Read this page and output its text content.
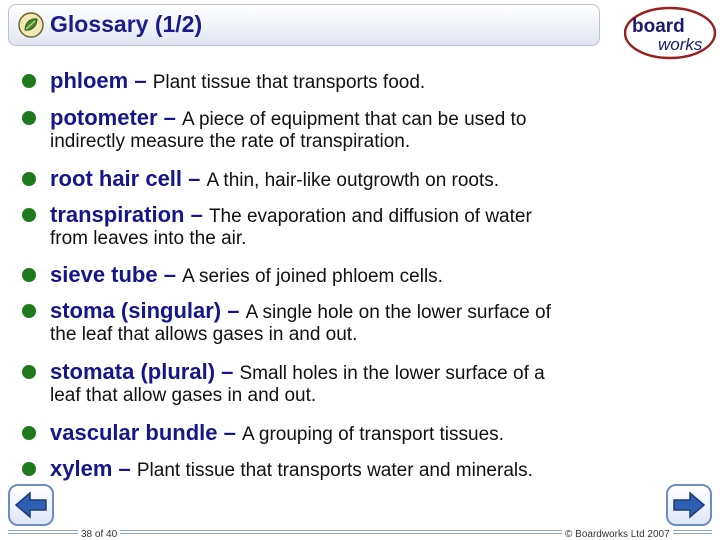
Glossary (1/2)	board
works
phloem – Plant tissue that transports food.
potometer – A piece of equipment that can be used to
indirectly measure the rate of transpiration.
root hair cell – A thin, hair-like outgrowth on roots.
transpiration – The evaporation and diffusion of water
from leaves into the air.
sieve tube – A series of joined phloem cells.
stoma (singular) – A single hole on the lower surface of
the leaf that allows gases in and out.
stomata (plural) – Small holes in the lower surface of a
leaf that allow gases in and out.
vascular bundle – A grouping of transport tissues.
xylem – Plant tissue that transports water and minerals.
38 of 40	© Boardworks Ltd 2007
